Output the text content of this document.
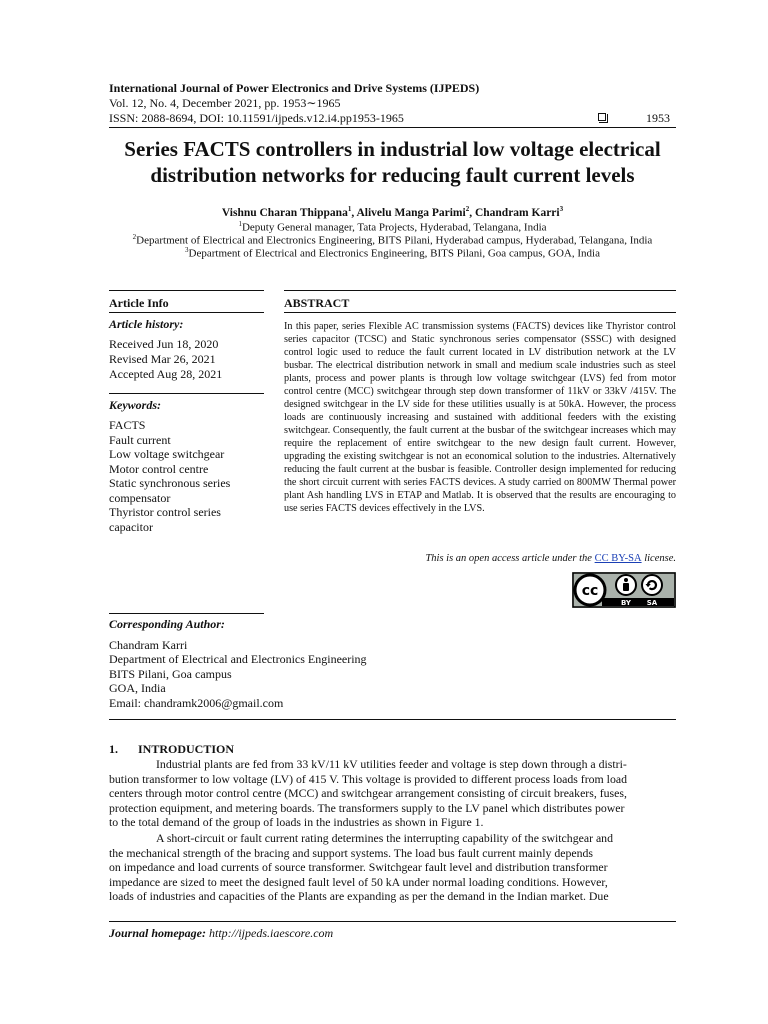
International Journal of Power Electronics and Drive Systems (IJPEDS)
Vol. 12, No. 4, December 2021, pp. 1953∼1965
ISSN: 2088-8694, DOI: 10.11591/ijpeds.v12.i4.pp1953-1965	1953
Series FACTS controllers in industrial low voltage electrical
distribution networks for reducing fault current levels
Vishnu Charan Thippana$^1$, Alivelu Manga Parimi$^2$, Chandram Karri$^3$
$^1$Deputy General manager, Tata Projects, Hyderabad, Telangana, India
$^2$Department of Electrical and Electronics Engineering, BITS Pilani, Hyderabad campus, Hyderabad, Telangana, India
$^3$Department of Electrical and Electronics Engineering, BITS Pilani, Goa campus, GOA, India
Article Info	ABSTRACT
Article history:
Received Jun 18, 2020
Revised Mar 26, 2021
Accepted Aug 28, 2021
Keywords:
FACTS
Fault current
Low voltage switchgear
Motor control centre
Static synchronous series
compensator
Thyristor control series
capacitor
In this paper, series Flexible AC transmission systems (FACTS) devices like Thyristor control series capacitor (TCSC) and Static synchronous series compensator (SSSC) with designed control logic used to reduce the fault current located in LV distribution network at the LV busbar. The electrical distribution network in small and medium scale industries such as steel plants, process and power plants is through low voltage switchgear (LVS) fed from motor control centre (MCC) switchgear through step down transformer of 11kV or 33kV /415V. The designed switchgear in the LV side for these utilities usually is at 50kA. However, the process loads are continuously increasing and sustained with additional feeders with the existing switchgear. Consequently, the fault current at the busbar of the switchgear increases which may require the replacement of entire switchgear to the new design fault current. However, upgrading the existing switchgear is not an economical solution to the industries. Alternatively reducing the fault current at the busbar is feasible. Controller design implemented for reducing the short circuit current with series FACTS devices. A study carried on 800MW Thermal power plant Ash handling LVS in ETAP and Matlab. It is observed that the results are encouraging to use series FACTS devices effectively in the LVS.
This is an open access article under the CC BY-SA license.
cc
BY SA
Corresponding Author:
Chandram Karri
Department of Electrical and Electronics Engineering
BITS Pilani, Goa campus
GOA, India
Email: chandramk2006@gmail.com
1. INTRODUCTION
Industrial plants are fed from 33 kV/11 kV utilities feeder and voltage is step down through a distri-
bution transformer to low voltage (LV) of 415 V. This voltage is provided to different process loads from load
centers through motor control centre (MCC) and switchgear arrangement consisting of circuit breakers, fuses,
protection equipment, and metering boards. The transformers supply to the LV panel which distributes power
to the total demand of the group of loads in the industries as shown in Figure 1.
A short-circuit or fault current rating determines the interrupting capability of the switchgear and
the mechanical strength of the bracing and support systems. The load bus fault current mainly depends
on impedance and load currents of source transformer. Switchgear fault level and distribution transformer
impedance are sized to meet the designed fault level of 50 kA under normal loading conditions. However,
loads of industries and capacities of the Plants are expanding as per the demand in the Indian market. Due
Journal homepage: http://ijpeds.iaescore.com
